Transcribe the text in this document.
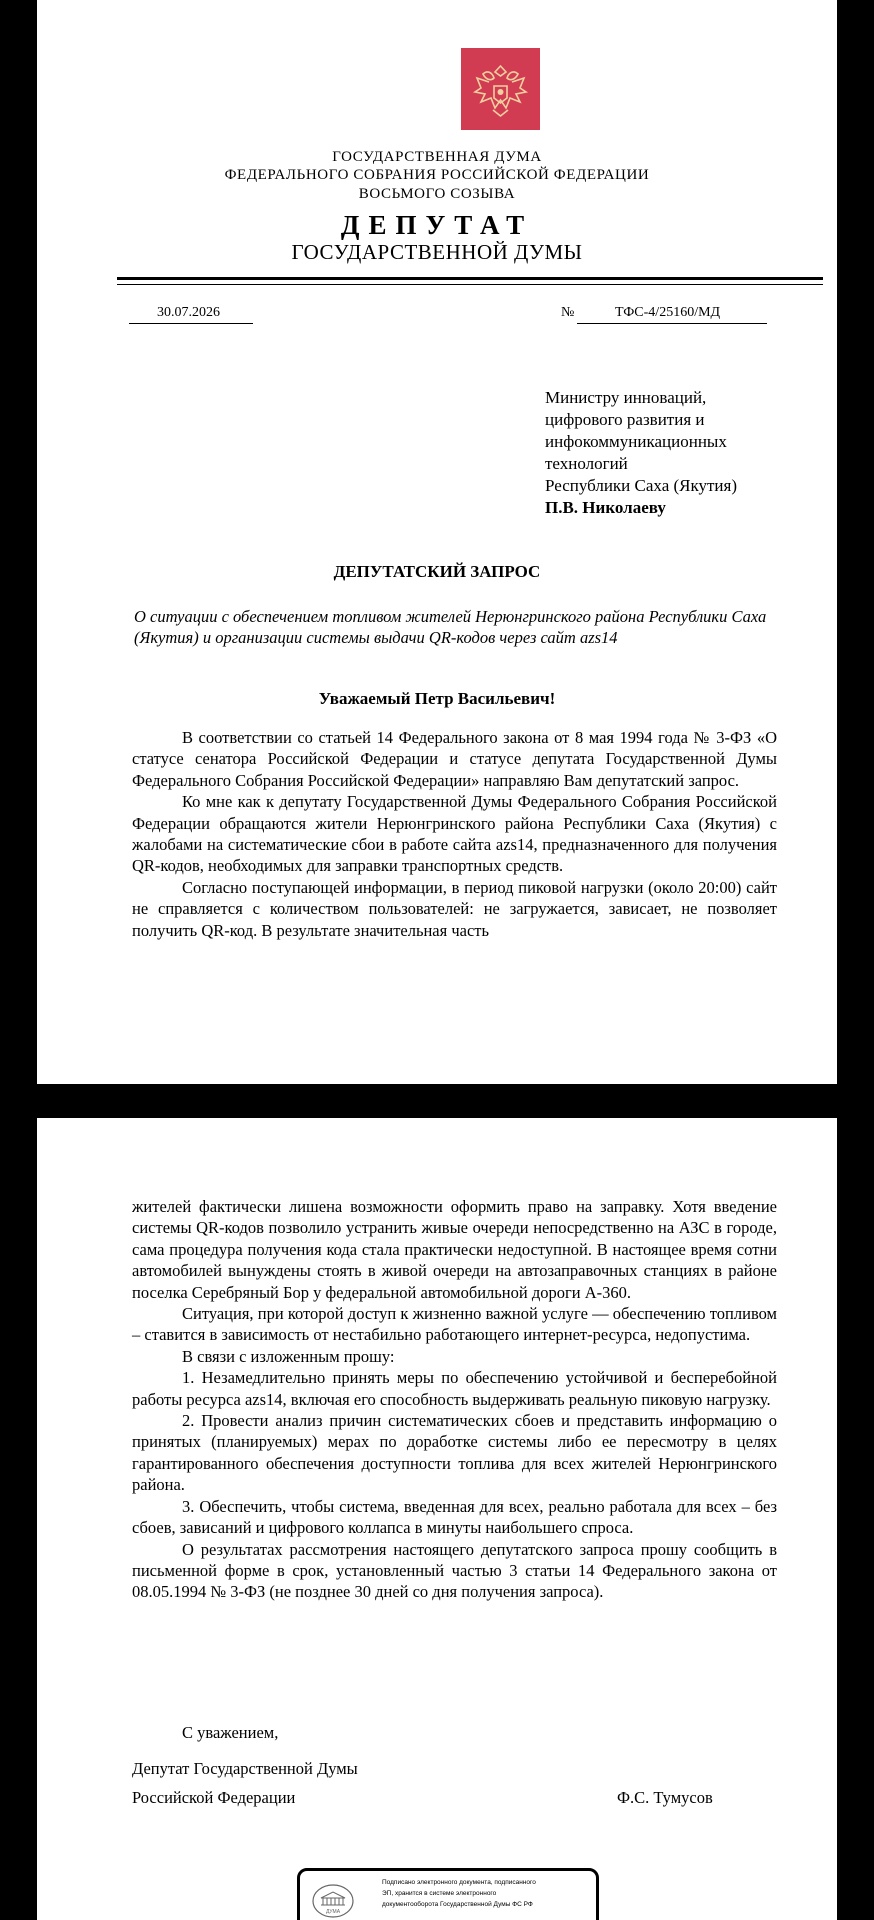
ГОСУДАРСТВЕННАЯ ДУМА
ФЕДЕРАЛЬНОГО СОБРАНИЯ РОССИЙСКОЙ ФЕДЕРАЦИИ
ВОСЬМОГО СОЗЫВА
ДЕПУТАТ
ГОСУДАРСТВЕННОЙ ДУМЫ
30.07.2026	№	ТФС-4/25160/МД
Министру инноваций,
цифрового развития и
инфокоммуникационных
технологий
Республики Саха (Якутия)
П.В. Николаеву
ДЕПУТАТСКИЙ ЗАПРОС
О ситуации с обеспечением топливом жителей Нерюнгринского района Республики Саха (Якутия) и организации системы выдачи QR-кодов через сайт azs14
Уважаемый Петр Васильевич!

В соответствии со статьей 14 Федерального закона от 8 мая 1994 года № 3-ФЗ «О статусе сенатора Российской Федерации и статусе депутата Государственной Думы Федерального Собрания Российской Федерации» направляю Вам депутатский запрос.

Ко мне как к депутату Государственной Думы Федерального Собрания Российской Федерации обращаются жители Нерюнгринского района Республики Саха (Якутия) с жалобами на систематические сбои в работе сайта azs14, предназначенного для получения QR-кодов, необходимых для заправки транспортных средств.

Согласно поступающей информации, в период пиковой нагрузки (около 20:00) сайт не справляется с количеством пользователей: не загружается, зависает, не позволяет получить QR-код. В результате значительная часть

жителей фактически лишена возможности оформить право на заправку. Хотя введение системы QR-кодов позволило устранить живые очереди непосредственно на АЗС в городе, сама процедура получения кода стала практически недоступной. В настоящее время сотни автомобилей вынуждены стоять в живой очереди на автозаправочных станциях в районе поселка Серебряный Бор у федеральной автомобильной дороги А-360.

Ситуация, при которой доступ к жизненно важной услуге — обеспечению топливом – ставится в зависимость от нестабильно работающего интернет-ресурса, недопустима.

В связи с изложенным прошу:

1. Незамедлительно принять меры по обеспечению устойчивой и бесперебойной работы ресурса azs14, включая его способность выдерживать реальную пиковую нагрузку.

2. Провести анализ причин систематических сбоев и представить информацию о принятых (планируемых) мерах по доработке системы либо ее пересмотру в целях гарантированного обеспечения доступности топлива для всех жителей Нерюнгринского района.

3. Обеспечить, чтобы система, введенная для всех, реально работала для всех – без сбоев, зависаний и цифрового коллапса в минуты наибольшего спроса.

О результатах рассмотрения настоящего депутатского запроса прошу сообщить в письменной форме в срок, установленный частью 3 статьи 14 Федерального закона от 08.05.1994 № 3-ФЗ (не позднее 30 дней со дня получения запроса).

С уважением,
Депутат Государственной Думы
Российской Федерации	Ф.С. Тумусов
ДУМА
Подписано электронного документа, подписанного
ЭП, хранится в системе электронного
документооборота Государственной Думы ФС РФ
